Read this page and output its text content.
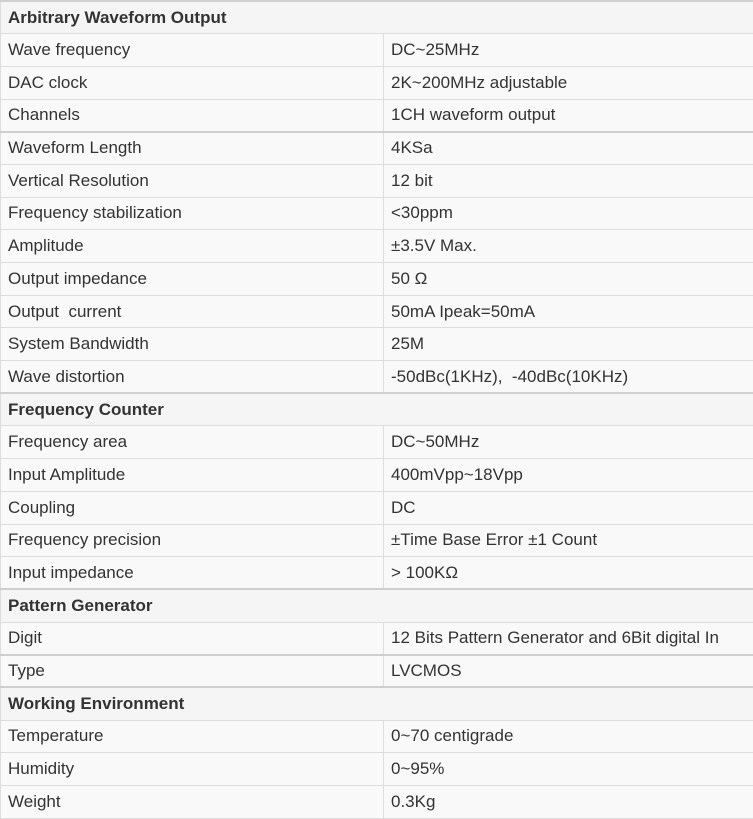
Arbitrary Waveform Output	
Wave frequency	DC~25MHz
DAC clock	2K~200MHz adjustable
Channels	1CH waveform output
Waveform Length	4KSa
Vertical Resolution	12 bit
Frequency stabilization	<30ppm
Amplitude	±3.5V Max.
Output impedance	50 Ω
Output  current	50mA Ipeak=50mA
System Bandwidth	25M
Wave distortion	-50dBc(1KHz),  -40dBc(10KHz)
Frequency Counter	
Frequency area	DC~50MHz
Input Amplitude	400mVpp~18Vpp
Coupling	DC
Frequency precision	±Time Base Error ±1 Count
Input impedance	> 100KΩ
Pattern Generator	
Digit	12 Bits Pattern Generator and 6Bit digital In
Type	LVCMOS
Working Environment	
Temperature	0~70 centigrade
Humidity	0~95%
Weight	0.3Kg
